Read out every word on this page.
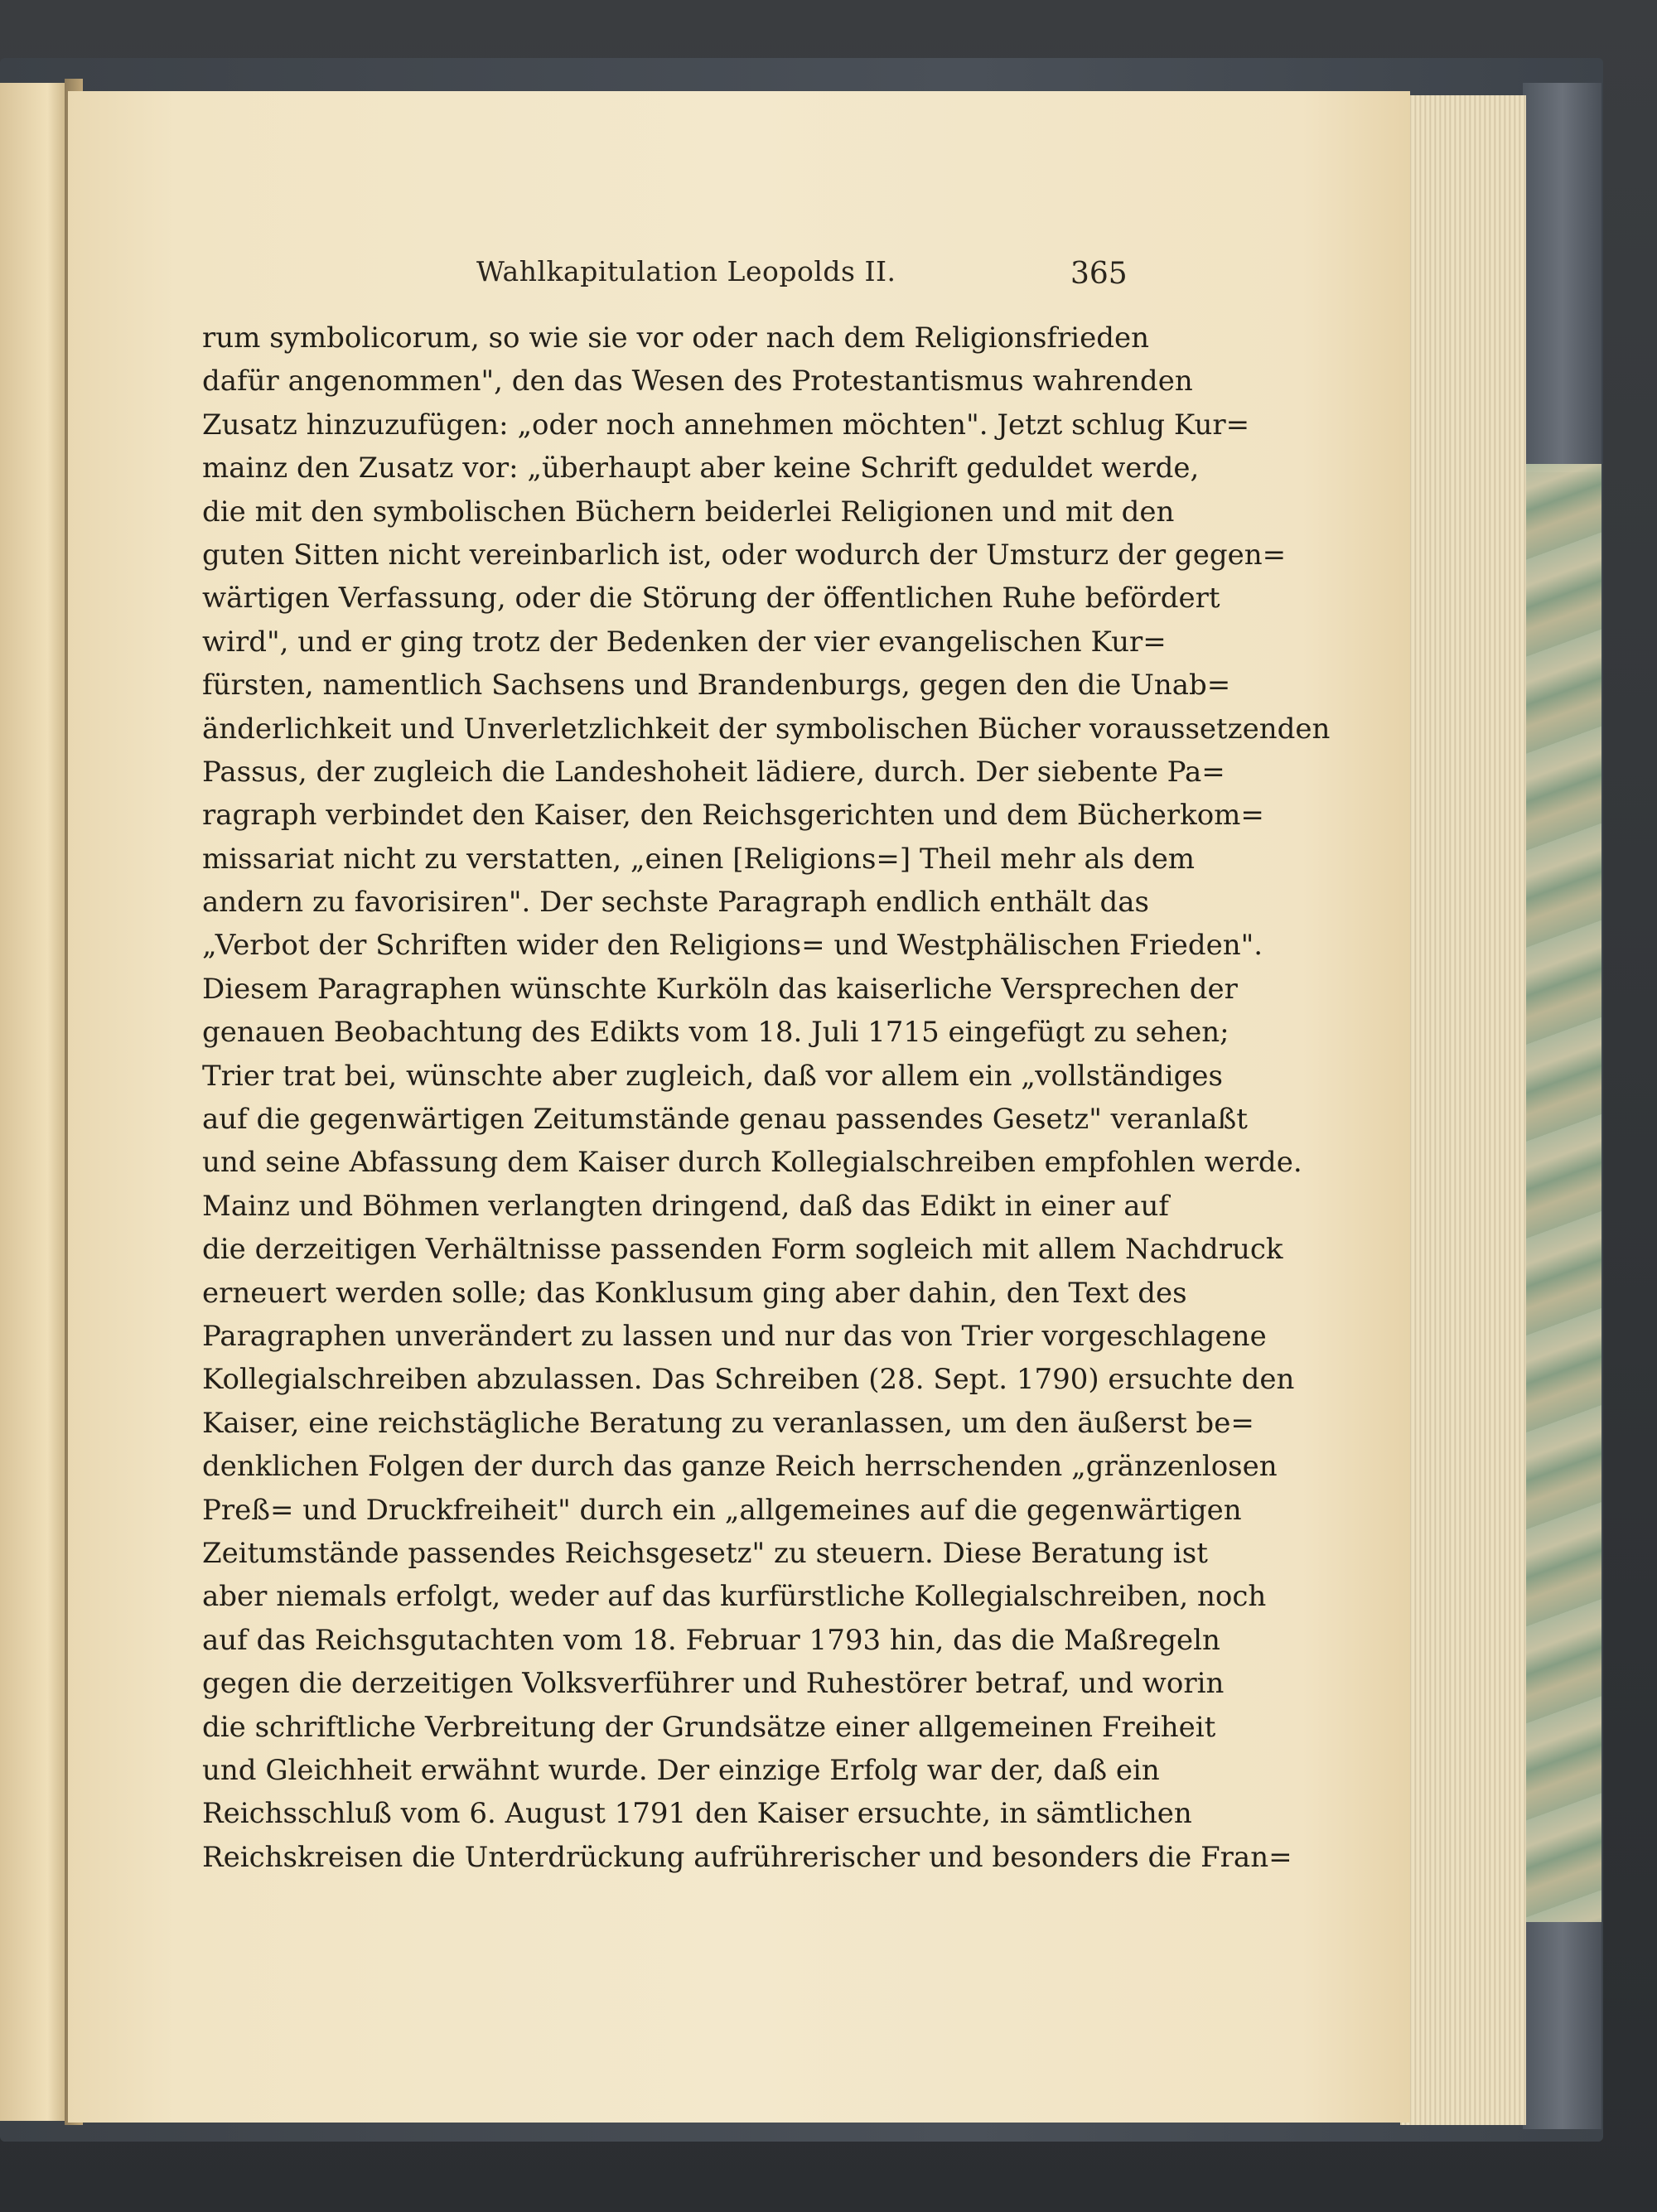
Wahlkapitulation Leopolds II.	365
rum symbolicorum, so wie sie vor oder nach dem Religionsfrieden
dafür angenommen", den das Wesen des Protestantismus wahrenden
Zusatz hinzuzufügen: „oder noch annehmen möchten". Jetzt schlug Kur=
mainz den Zusatz vor: „überhaupt aber keine Schrift geduldet werde,
die mit den symbolischen Büchern beiderlei Religionen und mit den
guten Sitten nicht vereinbarlich ist, oder wodurch der Umsturz der gegen=
wärtigen Verfassung, oder die Störung der öffentlichen Ruhe befördert
wird", und er ging trotz der Bedenken der vier evangelischen Kur=
fürsten, namentlich Sachsens und Brandenburgs, gegen den die Unab=
änderlichkeit und Unverletzlichkeit der symbolischen Bücher voraussetzenden
Passus, der zugleich die Landeshoheit lädiere, durch. Der siebente Pa=
ragraph verbindet den Kaiser, den Reichsgerichten und dem Bücherkom=
missariat nicht zu verstatten, „einen [Religions=] Theil mehr als dem
andern zu favorisiren". Der sechste Paragraph endlich enthält das
„Verbot der Schriften wider den Religions= und Westphälischen Frieden".
Diesem Paragraphen wünschte Kurköln das kaiserliche Versprechen der
genauen Beobachtung des Edikts vom 18. Juli 1715 eingefügt zu sehen;
Trier trat bei, wünschte aber zugleich, daß vor allem ein „vollständiges
auf die gegenwärtigen Zeitumstände genau passendes Gesetz" veranlaßt
und seine Abfassung dem Kaiser durch Kollegialschreiben empfohlen werde.
Mainz und Böhmen verlangten dringend, daß das Edikt in einer auf
die derzeitigen Verhältnisse passenden Form sogleich mit allem Nachdruck
erneuert werden solle; das Konklusum ging aber dahin, den Text des
Paragraphen unverändert zu lassen und nur das von Trier vorgeschlagene
Kollegialschreiben abzulassen. Das Schreiben (28. Sept. 1790) ersuchte den
Kaiser, eine reichstägliche Beratung zu veranlassen, um den äußerst be=
denklichen Folgen der durch das ganze Reich herrschenden „gränzenlosen
Preß= und Druckfreiheit" durch ein „allgemeines auf die gegenwärtigen
Zeitumstände passendes Reichsgesetz" zu steuern. Diese Beratung ist
aber niemals erfolgt, weder auf das kurfürstliche Kollegialschreiben, noch
auf das Reichsgutachten vom 18. Februar 1793 hin, das die Maßregeln
gegen die derzeitigen Volksverführer und Ruhestörer betraf, und worin
die schriftliche Verbreitung der Grundsätze einer allgemeinen Freiheit
und Gleichheit erwähnt wurde. Der einzige Erfolg war der, daß ein
Reichsschluß vom 6. August 1791 den Kaiser ersuchte, in sämtlichen
Reichskreisen die Unterdrückung aufrührerischer und besonders die Fran=
